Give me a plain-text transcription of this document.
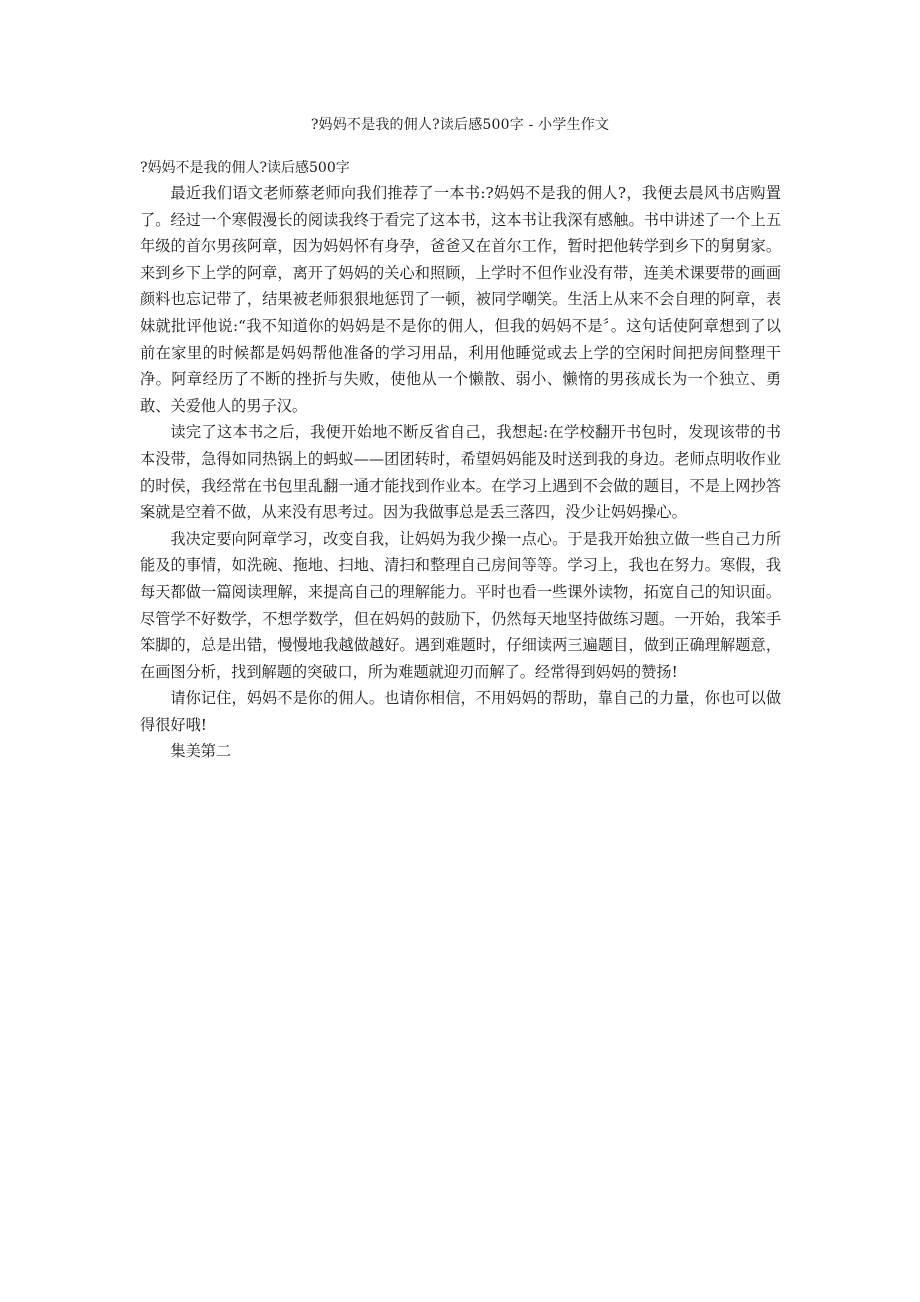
?妈妈不是我的佣人?读后感500字 - 小学生作文

?妈妈不是我的佣人?读后感500字

最近我们语文老师蔡老师向我们推荐了一本书:?妈妈不是我的佣人?，我便去晨风书店购置了。经过一个寒假漫长的阅读我终于看完了这本书，这本书让我深有感触。书中讲述了一个上五年级的首尔男孩阿章，因为妈妈怀有身孕，爸爸又在首尔工作，暂时把他转学到乡下的舅舅家。来到乡下上学的阿章，离开了妈妈的关心和照顾，上学时不但作业没有带，连美术课要带的画画颜料也忘记带了，结果被老师狠狠地惩罚了一顿，被同学嘲笑。生活上从来不会自理的阿章，表妹就批评他说:“我不知道你的妈妈是不是你的佣人，但我的妈妈不是〞。这句话使阿章想到了以前在家里的时候都是妈妈帮他准备的学习用品，利用他睡觉或去上学的空闲时间把房间整理干净。阿章经历了不断的挫折与失败，使他从一个懒散、弱小、懒惰的男孩成长为一个独立、勇敢、关爱他人的男子汉。

读完了这本书之后，我便开始地不断反省自己，我想起:在学校翻开书包时，发现该带的书本没带，急得如同热锅上的蚂蚁——团团转时，希望妈妈能及时送到我的身边。老师点明收作业的时侯，我经常在书包里乱翻一通才能找到作业本。在学习上遇到不会做的题目，不是上网抄答案就是空着不做，从来没有思考过。因为我做事总是丢三落四，没少让妈妈操心。

我决定要向阿章学习，改变自我，让妈妈为我少操一点心。于是我开始独立做一些自己力所能及的事情，如洗碗、拖地、扫地、清扫和整理自己房间等等。学习上，我也在努力。寒假，我每天都做一篇阅读理解，来提高自己的理解能力。平时也看一些课外读物，拓宽自己的知识面。尽管学不好数学，不想学数学，但在妈妈的鼓励下，仍然每天地坚持做练习题。一开始，我笨手笨脚的，总是出错，慢慢地我越做越好。遇到难题时，仔细读两三遍题目，做到正确理解题意，在画图分析，找到解题的突破口，所为难题就迎刃而解了。经常得到妈妈的赞扬!

请你记住，妈妈不是你的佣人。也请你相信，不用妈妈的帮助，靠自己的力量，你也可以做得很好哦!

集美第二
